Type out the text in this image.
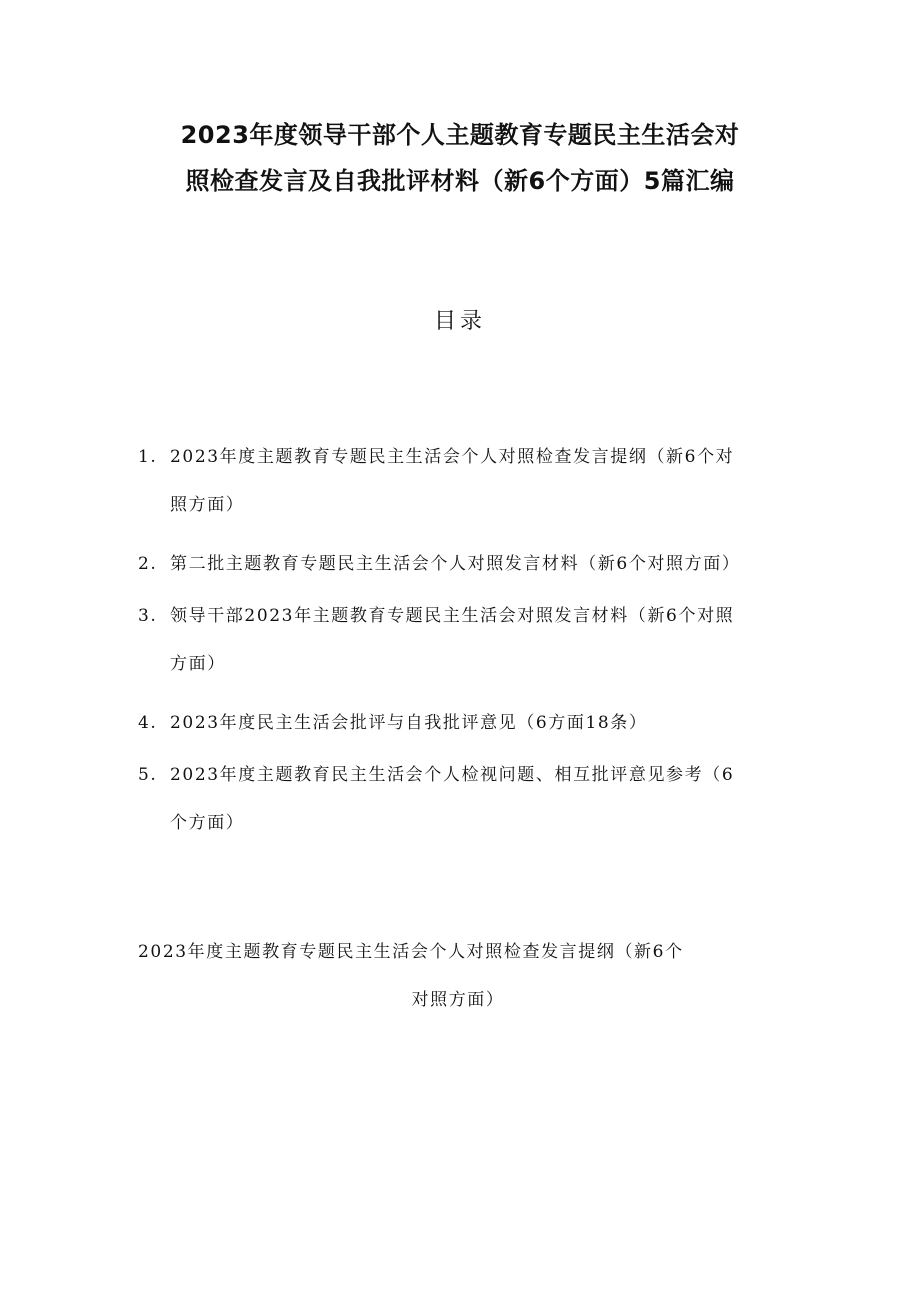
2023年度领导干部个人主题教育专题民主生活会对
照检查发言及自我批评材料（新6个方面）5篇汇编
目录
1. 2023年度主题教育专题民主生活会个人对照检查发言提纲（新6个对
照方面）
2. 第二批主题教育专题民主生活会个人对照发言材料（新6个对照方面）
3. 领导干部2023年主题教育专题民主生活会对照发言材料（新6个对照
方面）
4. 2023年度民主生活会批评与自我批评意见（6方面18条）
5. 2023年度主题教育民主生活会个人检视问题、相互批评意见参考（6
个方面）
2023年度主题教育专题民主生活会个人对照检查发言提纲（新6个
对照方面）
